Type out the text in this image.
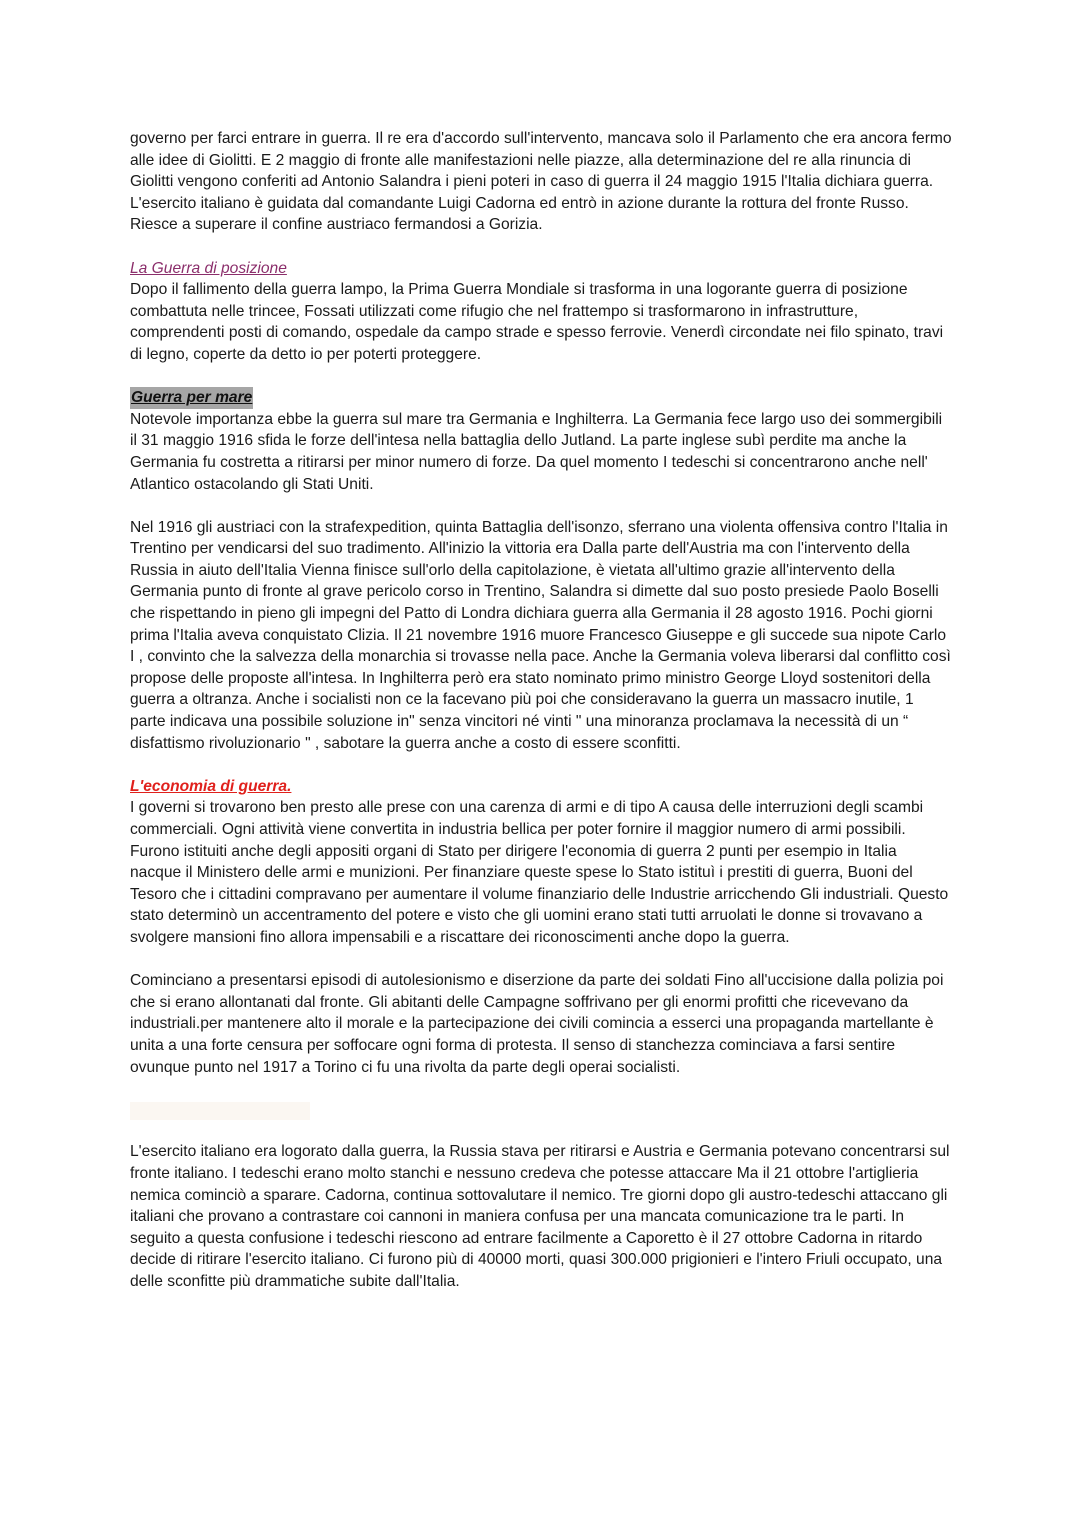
governo per farci entrare in guerra. Il re era d'accordo sull'intervento, mancava solo il Parlamento che era ancora fermo alle idee di Giolitti. E 2 maggio di fronte alle manifestazioni nelle piazze, alla determinazione del re alla rinuncia di Giolitti vengono conferiti ad Antonio Salandra i pieni poteri in caso di guerra il 24 maggio 1915 l'Italia dichiara guerra. L'esercito italiano è guidata dal comandante Luigi Cadorna ed entrò in azione durante la rottura del fronte Russo. Riesce a superare il confine austriaco fermandosi a Gorizia.

La Guerra di posizione

Dopo il fallimento della guerra lampo, la Prima Guerra Mondiale si trasforma in una logorante guerra di posizione combattuta nelle trincee, Fossati utilizzati come rifugio che nel frattempo si trasformarono in infrastrutture, comprendenti posti di comando, ospedale da campo strade e spesso ferrovie. Venerdì circondate nei filo spinato, travi di legno, coperte da detto io per poterti proteggere.

Guerra per mare

Notevole importanza ebbe la guerra sul mare tra Germania e Inghilterra. La Germania fece largo uso dei sommergibili il 31 maggio 1916 sfida le forze dell'intesa nella battaglia dello Jutland. La parte inglese subì perdite ma anche la Germania fu costretta a ritirarsi per minor numero di forze. Da quel momento I tedeschi si concentrarono anche nell' Atlantico ostacolando gli Stati Uniti.

Nel 1916 gli austriaci con la strafexpedition, quinta Battaglia dell'isonzo, sferrano una violenta offensiva contro l'Italia in Trentino per vendicarsi del suo tradimento. All'inizio la vittoria era Dalla parte dell'Austria ma con l'intervento della Russia in aiuto dell'Italia Vienna finisce sull'orlo della capitolazione, è vietata all'ultimo grazie all'intervento della Germania punto di fronte al grave pericolo corso in Trentino, Salandra si dimette dal suo posto presiede Paolo Boselli che rispettando in pieno gli impegni del Patto di Londra dichiara guerra alla Germania il 28 agosto 1916. Pochi giorni prima l'Italia aveva conquistato Clizia. Il 21 novembre 1916 muore Francesco Giuseppe e gli succede sua nipote Carlo I , convinto che la salvezza della monarchia si trovasse nella pace. Anche la Germania voleva liberarsi dal conflitto così propose delle proposte all'intesa. In Inghilterra però era stato nominato primo ministro George Lloyd sostenitori della guerra a oltranza. Anche i socialisti non ce la facevano più poi che consideravano la guerra un massacro inutile, 1 parte indicava una possibile soluzione in" senza vincitori né vinti " una minoranza proclamava la necessità di un “ disfattismo rivoluzionario " , sabotare la guerra anche a costo di essere sconfitti.

L'economia di guerra.

I governi si trovarono ben presto alle prese con una carenza di armi e di tipo A causa delle interruzioni degli scambi commerciali. Ogni attività viene convertita in industria bellica per poter fornire il maggior numero di armi possibili. Furono istituiti anche degli appositi organi di Stato per dirigere l'economia di guerra 2 punti per esempio in Italia nacque il Ministero delle armi e munizioni. Per finanziare queste spese lo Stato istituì i prestiti di guerra, Buoni del Tesoro che i cittadini compravano per aumentare il volume finanziario delle Industrie arricchendo Gli industriali. Questo stato determinò un accentramento del potere e visto che gli uomini erano stati tutti arruolati le donne si trovavano a svolgere mansioni fino allora impensabili e a riscattare dei riconoscimenti anche dopo la guerra.

Cominciano a presentarsi episodi di autolesionismo e diserzione da parte dei soldati Fino all'uccisione dalla polizia poi che si erano allontanati dal fronte. Gli abitanti delle Campagne soffrivano per gli enormi profitti che ricevevano da industriali.per mantenere alto il morale e la partecipazione dei civili comincia a esserci una propaganda martellante è unita a una forte censura per soffocare ogni forma di protesta. Il senso di stanchezza cominciava a farsi sentire ovunque punto nel 1917 a Torino ci fu una rivolta da parte degli operai socialisti.

L'esercito italiano era logorato dalla guerra, la Russia stava per ritirarsi e Austria e Germania potevano concentrarsi sul fronte italiano. I tedeschi erano molto stanchi e nessuno credeva che potesse attaccare Ma il 21 ottobre l'artiglieria nemica cominciò a sparare. Cadorna, continua sottovalutare il nemico. Tre giorni dopo gli austro-tedeschi attaccano gli italiani che provano a contrastare coi cannoni in maniera confusa per una mancata comunicazione tra le parti. In seguito a questa confusione i tedeschi riescono ad entrare facilmente a Caporetto è il 27 ottobre Cadorna in ritardo decide di ritirare l'esercito italiano. Ci furono più di 40000 morti, quasi 300.000 prigionieri e l'intero Friuli occupato, una delle sconfitte più drammatiche subite dall'Italia.
